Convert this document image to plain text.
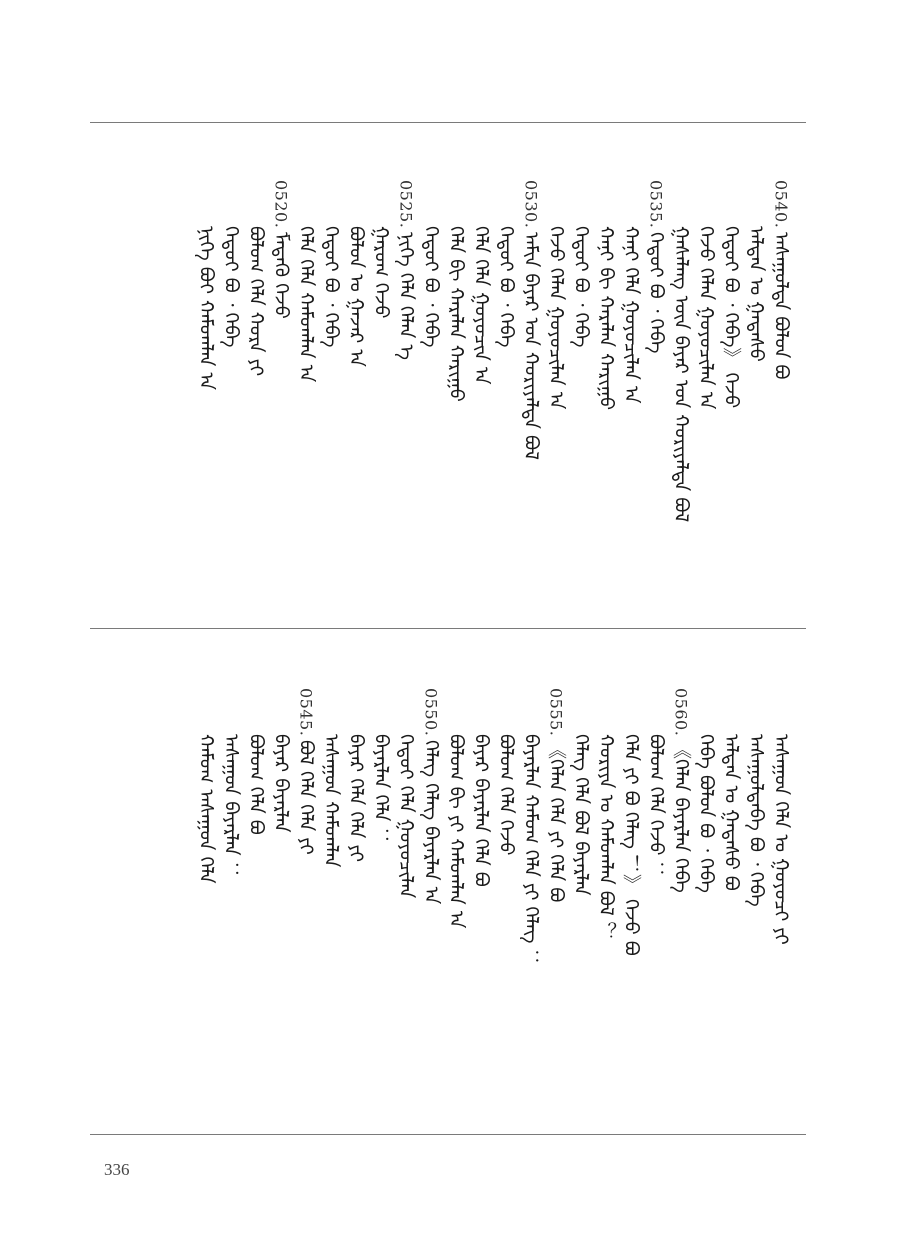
0540.
ᠠᠰᠠᠭᠤᠯᠲᠠ ᠪᠣᠯᠤᠨ ᠪᠣ
ᠠᠯᠲᠠᠨ ᠤ ᠭᠠᠳᠠᠰᠤ
ᠬᠡᠳᠦᠢ ᠪᠤ ᠂ ᠭᠡᠪᠡ》 ᠭᠡᠵᠦ
ᠬᠡᠵᠦ ᠬᠡᠯᠡᠨ ᠭᠤᠶᠤᠴᠢᠯᠠᠨ ᠠ
ᠭᠠᠰᠠᠯᠠᠩ ᠦᠨ ᠪᠠᠶᠠᠷ ᠤᠨ ᠬᠤᠷᠢᠶᠠᠯᠲᠠ ᠪᠣᠯ
0535.
ᠬᠡᠳᠦᠢ ᠪᠤ ᠂ ᠭᠡᠪᠡ
ᠬᠠᠨᠢ ᠬᠡᠯᠡ ᠭᠤᠶᠤᠴᠢᠯᠠᠨ ᠠ
ᠬᠠᠨᠢ ᠪᠢ ᠬᠠᠷᠠᠯᠠᠨ ᠬᠠᠷᠢᠭᠤ
ᠬᠡᠳᠦᠢ ᠪᠤ ᠂ ᠭᠡᠪᠡ
ᠬᠡᠵᠦ ᠬᠡᠯᠡᠨ ᠭᠤᠶᠤᠴᠢᠯᠠᠨ ᠠ
0530.
ᠠᠮᠢᠨ ᠪᠠᠶᠠᠷ ᠤᠨ ᠬᠤᠷᠢᠶᠠᠯᠲᠠ ᠪᠣᠯ
ᠬᠡᠳᠦᠢ ᠪᠤ ᠂ ᠭᠡᠪᠡ
ᠬᠡᠯᠡ ᠬᠡᠯᠡ ᠭᠤᠶᠤᠴᠢᠨ ᠠ
ᠬᠡᠯᠡ ᠪᠢ ᠬᠠᠷᠠᠯᠠᠨ ᠬᠠᠷᠢᠭᠤ
ᠬᠡᠳᠦᠢ ᠪᠤ ᠂ ᠭᠡᠪᠡ
0525.
ᠨᠢᠭᠡ ᠬᠡᠯᠡ ᠬᠡᠯᠡᠨ ᠡ
ᠭᠠᠷᠤᠭ ᠭᠡᠵᠦ
ᠪᠤᠯᠤᠨ ᠤ ᠭᠠᠵᠠᠷ ᠠ
ᠬᠡᠳᠦᠢ ᠪᠤ ᠂ ᠭᠡᠪᠡ
ᠬᠡᠯᠡ ᠬᠡᠯᠡ ᠬᠠᠮᠤᠭᠯᠠᠨ ᠠ
0520.
ᠮᠡᠳᠡᠬᠦ ᠭᠡᠵᠦ
ᠪᠤᠯᠤᠭ ᠬᠡᠯᠡ ᠬᠤᠷᠠ ᠶᠢ
ᠬᠡᠳᠦᠢ ᠪᠤ ᠂ ᠭᠡᠪᠡ
ᠨᠢᠭᠡ ᠪᠤᠢ ᠬᠠᠮᠤᠭᠯᠠᠨ ᠠ
ᠠᠰᠠᠭᠤᠨ ᠬᠡᠯᠡ ᠤ ᠭᠤᠶᠤᠴᠢ ᠶᠢ
ᠠᠰᠠᠭᠤᠯᠲᠠᠪᠠ ᠪᠤ ᠂ ᠭᠡᠪᠡ
ᠠᠯᠲᠠᠨ ᠤ ᠭᠠᠳᠠᠰᠤ ᠪᠣ
ᠬᠡᠪᠡ ᠪᠣᠯᠤᠨ ᠪᠤ ᠂ ᠭᠡᠪᠡ
0560.
《ᠬᠡᠯᠡᠨ ᠪᠠᠶᠠᠷᠯᠠᠨ ᠭᠡᠪᠡ
ᠪᠤᠯᠤᠭ ᠬᠡᠯᠡ ᠭᠡᠵᠦ ：
ᠬᠡᠯᠡ ᠶᠢ ᠪᠤ ᠬᠡᠯᠡᠭ ！》 ᠭᠡᠵᠦ ᠪᠣ
ᠬᠤᠷᠢᠶᠠ ᠤ ᠬᠠᠮᠤᠭᠯᠠᠨ ᠪᠣᠯ ？
ᠬᠡᠯᠡᠭ ᠬᠡᠯᠡ ᠪᠣᠯ ᠪᠠᠶᠠᠷᠯᠠᠨ
0555.
《ᠬᠡᠯᠡᠨ ᠬᠡᠯᠡ ᠶᠢ ᠬᠡᠯᠡ ᠪᠣ
ᠪᠠᠶᠠᠷᠯᠠᠨ ᠬᠠᠮᠤᠭ ᠬᠡᠯᠡ ᠶᠢ ᠬᠡᠯᠡᠭ ：
ᠪᠤᠯᠤᠭ ᠬᠡᠯᠡ ᠭᠡᠵᠦ
ᠪᠠᠶᠠᠷ ᠪᠠᠶᠠᠷᠯᠠᠨ ᠬᠡᠯᠡ ᠪᠣ
ᠪᠤᠯᠤᠭ ᠪᠢ ᠶᠢ ᠬᠠᠮᠤᠭᠯᠠᠨ ᠠ
0550.
ᠬᠡᠯᠡᠭ ᠬᠡᠯᠡᠭ ᠪᠠᠶᠠᠷᠯᠠᠨ ᠠ
ᠬᠡᠳᠦᠢ ᠬᠡᠯᠡ ᠭᠤᠶᠤᠴᠢᠯᠠᠨ
ᠪᠠᠶᠠᠷᠯᠠᠨ ᠬᠡᠯᠡ ：
ᠪᠠᠶᠠᠷ ᠬᠡᠯᠡ ᠬᠡᠯᠡ ᠶᠢ
ᠠᠰᠠᠭᠤᠨ ᠬᠠᠮᠤᠭᠯᠠᠨ
0545.
ᠪᠤᠯ ᠬᠡᠯᠡ ᠬᠡᠯᠡ ᠶᠢ
ᠪᠠᠶᠠᠷ ᠪᠠᠶᠠᠷᠯᠠᠨ
ᠪᠤᠯᠤᠭ ᠬᠡᠯᠡ ᠪᠣ
ᠠᠰᠠᠭᠤᠨ ᠪᠠᠶᠠᠷᠯᠠᠨ ：
ᠬᠠᠮᠤᠭ ᠠᠰᠠᠭᠤᠨ ᠬᠡᠯᠡ
336
